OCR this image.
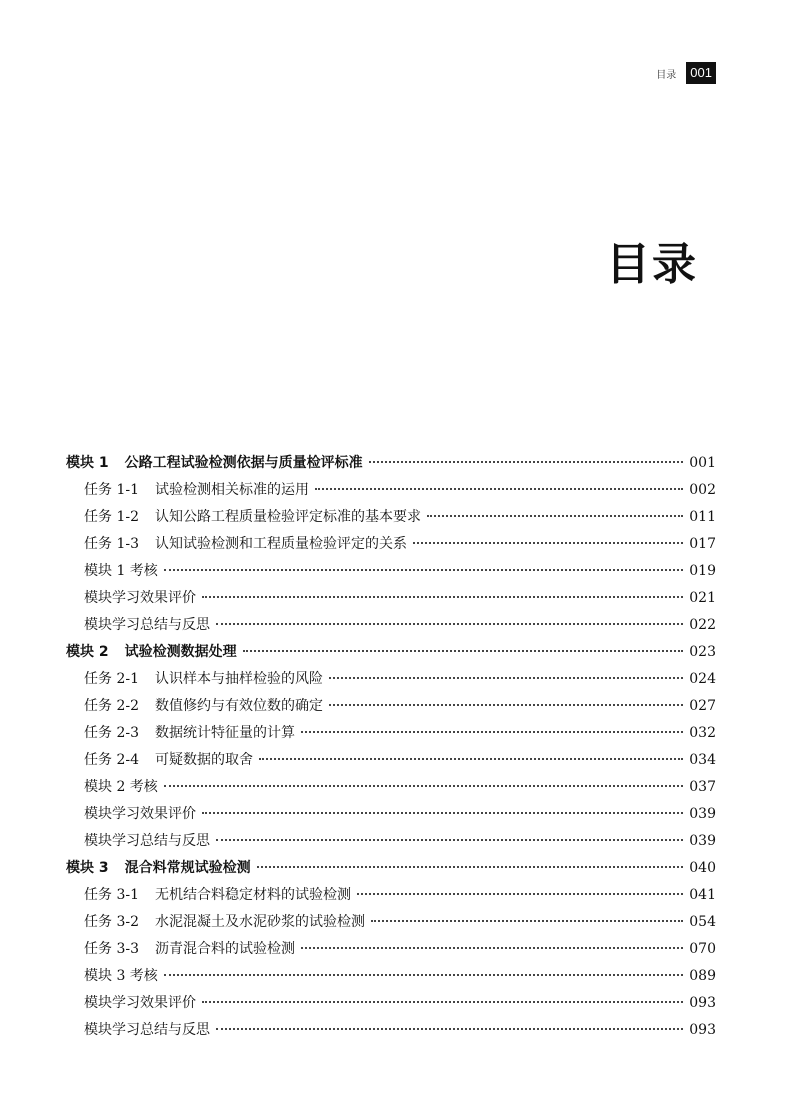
目录	001
目录
模块 1 公路工程试验检测依据与质量检评标准	001
任务 1-1 试验检测相关标准的运用	002
任务 1-2 认知公路工程质量检验评定标准的基本要求	011
任务 1-3 认知试验检测和工程质量检验评定的关系	017
模块 1 考核	019
模块学习效果评价	021
模块学习总结与反思	022
模块 2 试验检测数据处理	023
任务 2-1 认识样本与抽样检验的风险	024
任务 2-2 数值修约与有效位数的确定	027
任务 2-3 数据统计特征量的计算	032
任务 2-4 可疑数据的取舍	034
模块 2 考核	037
模块学习效果评价	039
模块学习总结与反思	039
模块 3 混合料常规试验检测	040
任务 3-1 无机结合料稳定材料的试验检测	041
任务 3-2 水泥混凝土及水泥砂浆的试验检测	054
任务 3-3 沥青混合料的试验检测	070
模块 3 考核	089
模块学习效果评价	093
模块学习总结与反思	093
